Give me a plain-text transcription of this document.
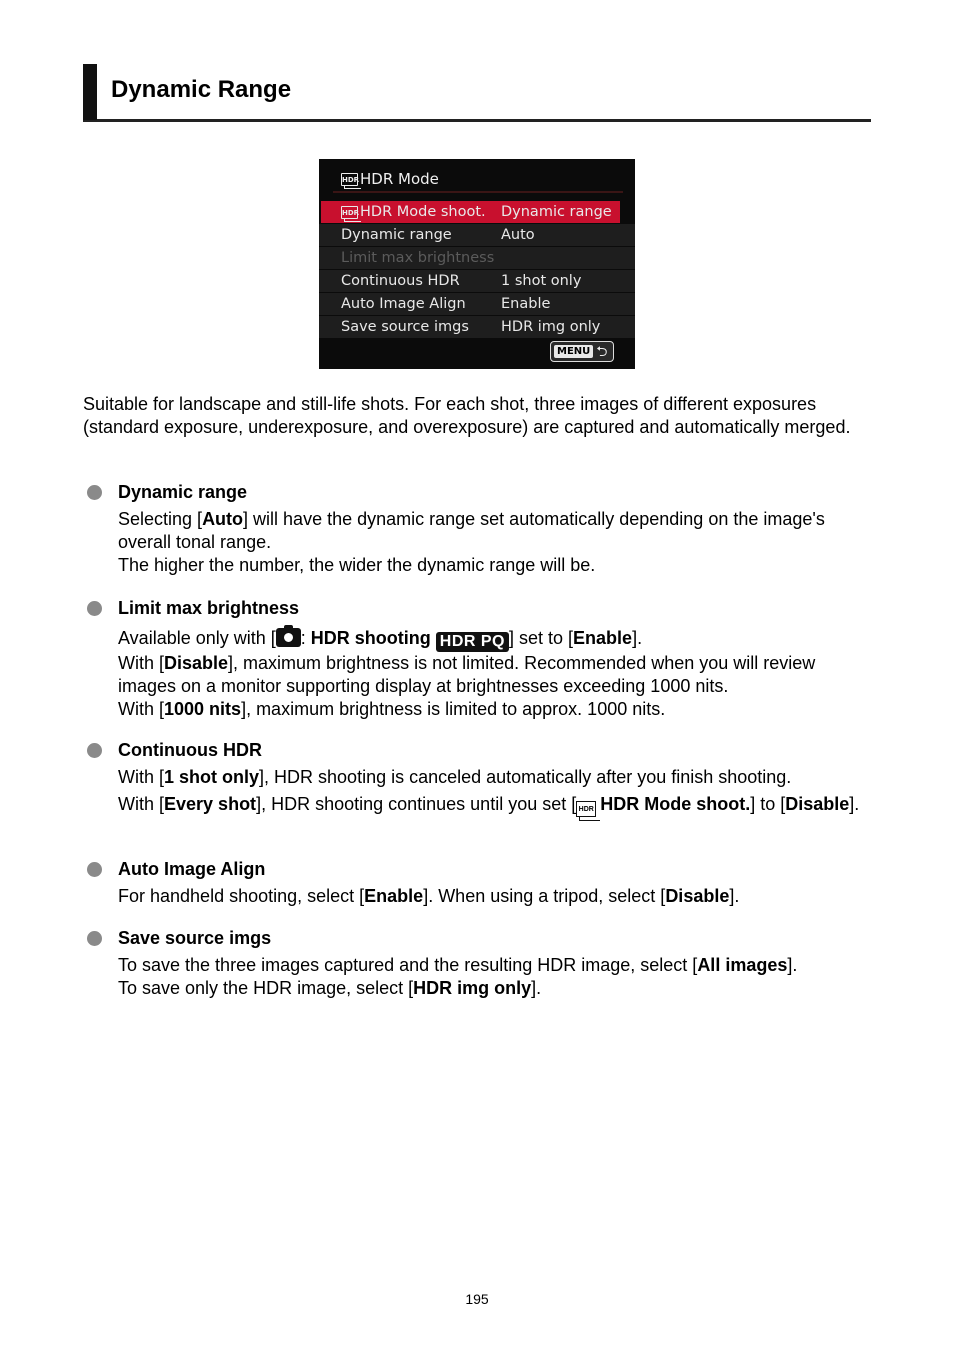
Dynamic Range
HDR HDR Mode
HDR HDR Mode shoot. Dynamic range
Dynamic range	Auto
Limit max brightness
Continuous HDR	1 shot only
Auto Image Align Enable
Save source imgs HDR img only
MENU ⮌
Suitable for landscape and still-life shots. For each shot, three images of different exposures (standard exposure, underexposure, and overexposure) are captured and automatically merged.
Dynamic range

Selecting [Auto] will have the dynamic range set automatically depending on the image's overall tonal range.

The higher the number, the wider the dynamic range will be.

Limit max brightness

Available only with [ : HDR shooting HDR PQ ] set to [Enable].

With [Disable], maximum brightness is not limited. Recommended when you will review images on a monitor supporting display at brightnesses exceeding 1000 nits.

With [1000 nits], maximum brightness is limited to approx. 1000 nits.

Continuous HDR

With [1 shot only], HDR shooting is canceled automatically after you finish shooting.

With [Every shot], HDR shooting continues until you set [ HDR HDR Mode shoot.] to [Disable].

Auto Image Align

For handheld shooting, select [Enable]. When using a tripod, select [Disable].

Save source imgs

To save the three images captured and the resulting HDR image, select [All images].

To save only the HDR image, select [HDR img only].

195
